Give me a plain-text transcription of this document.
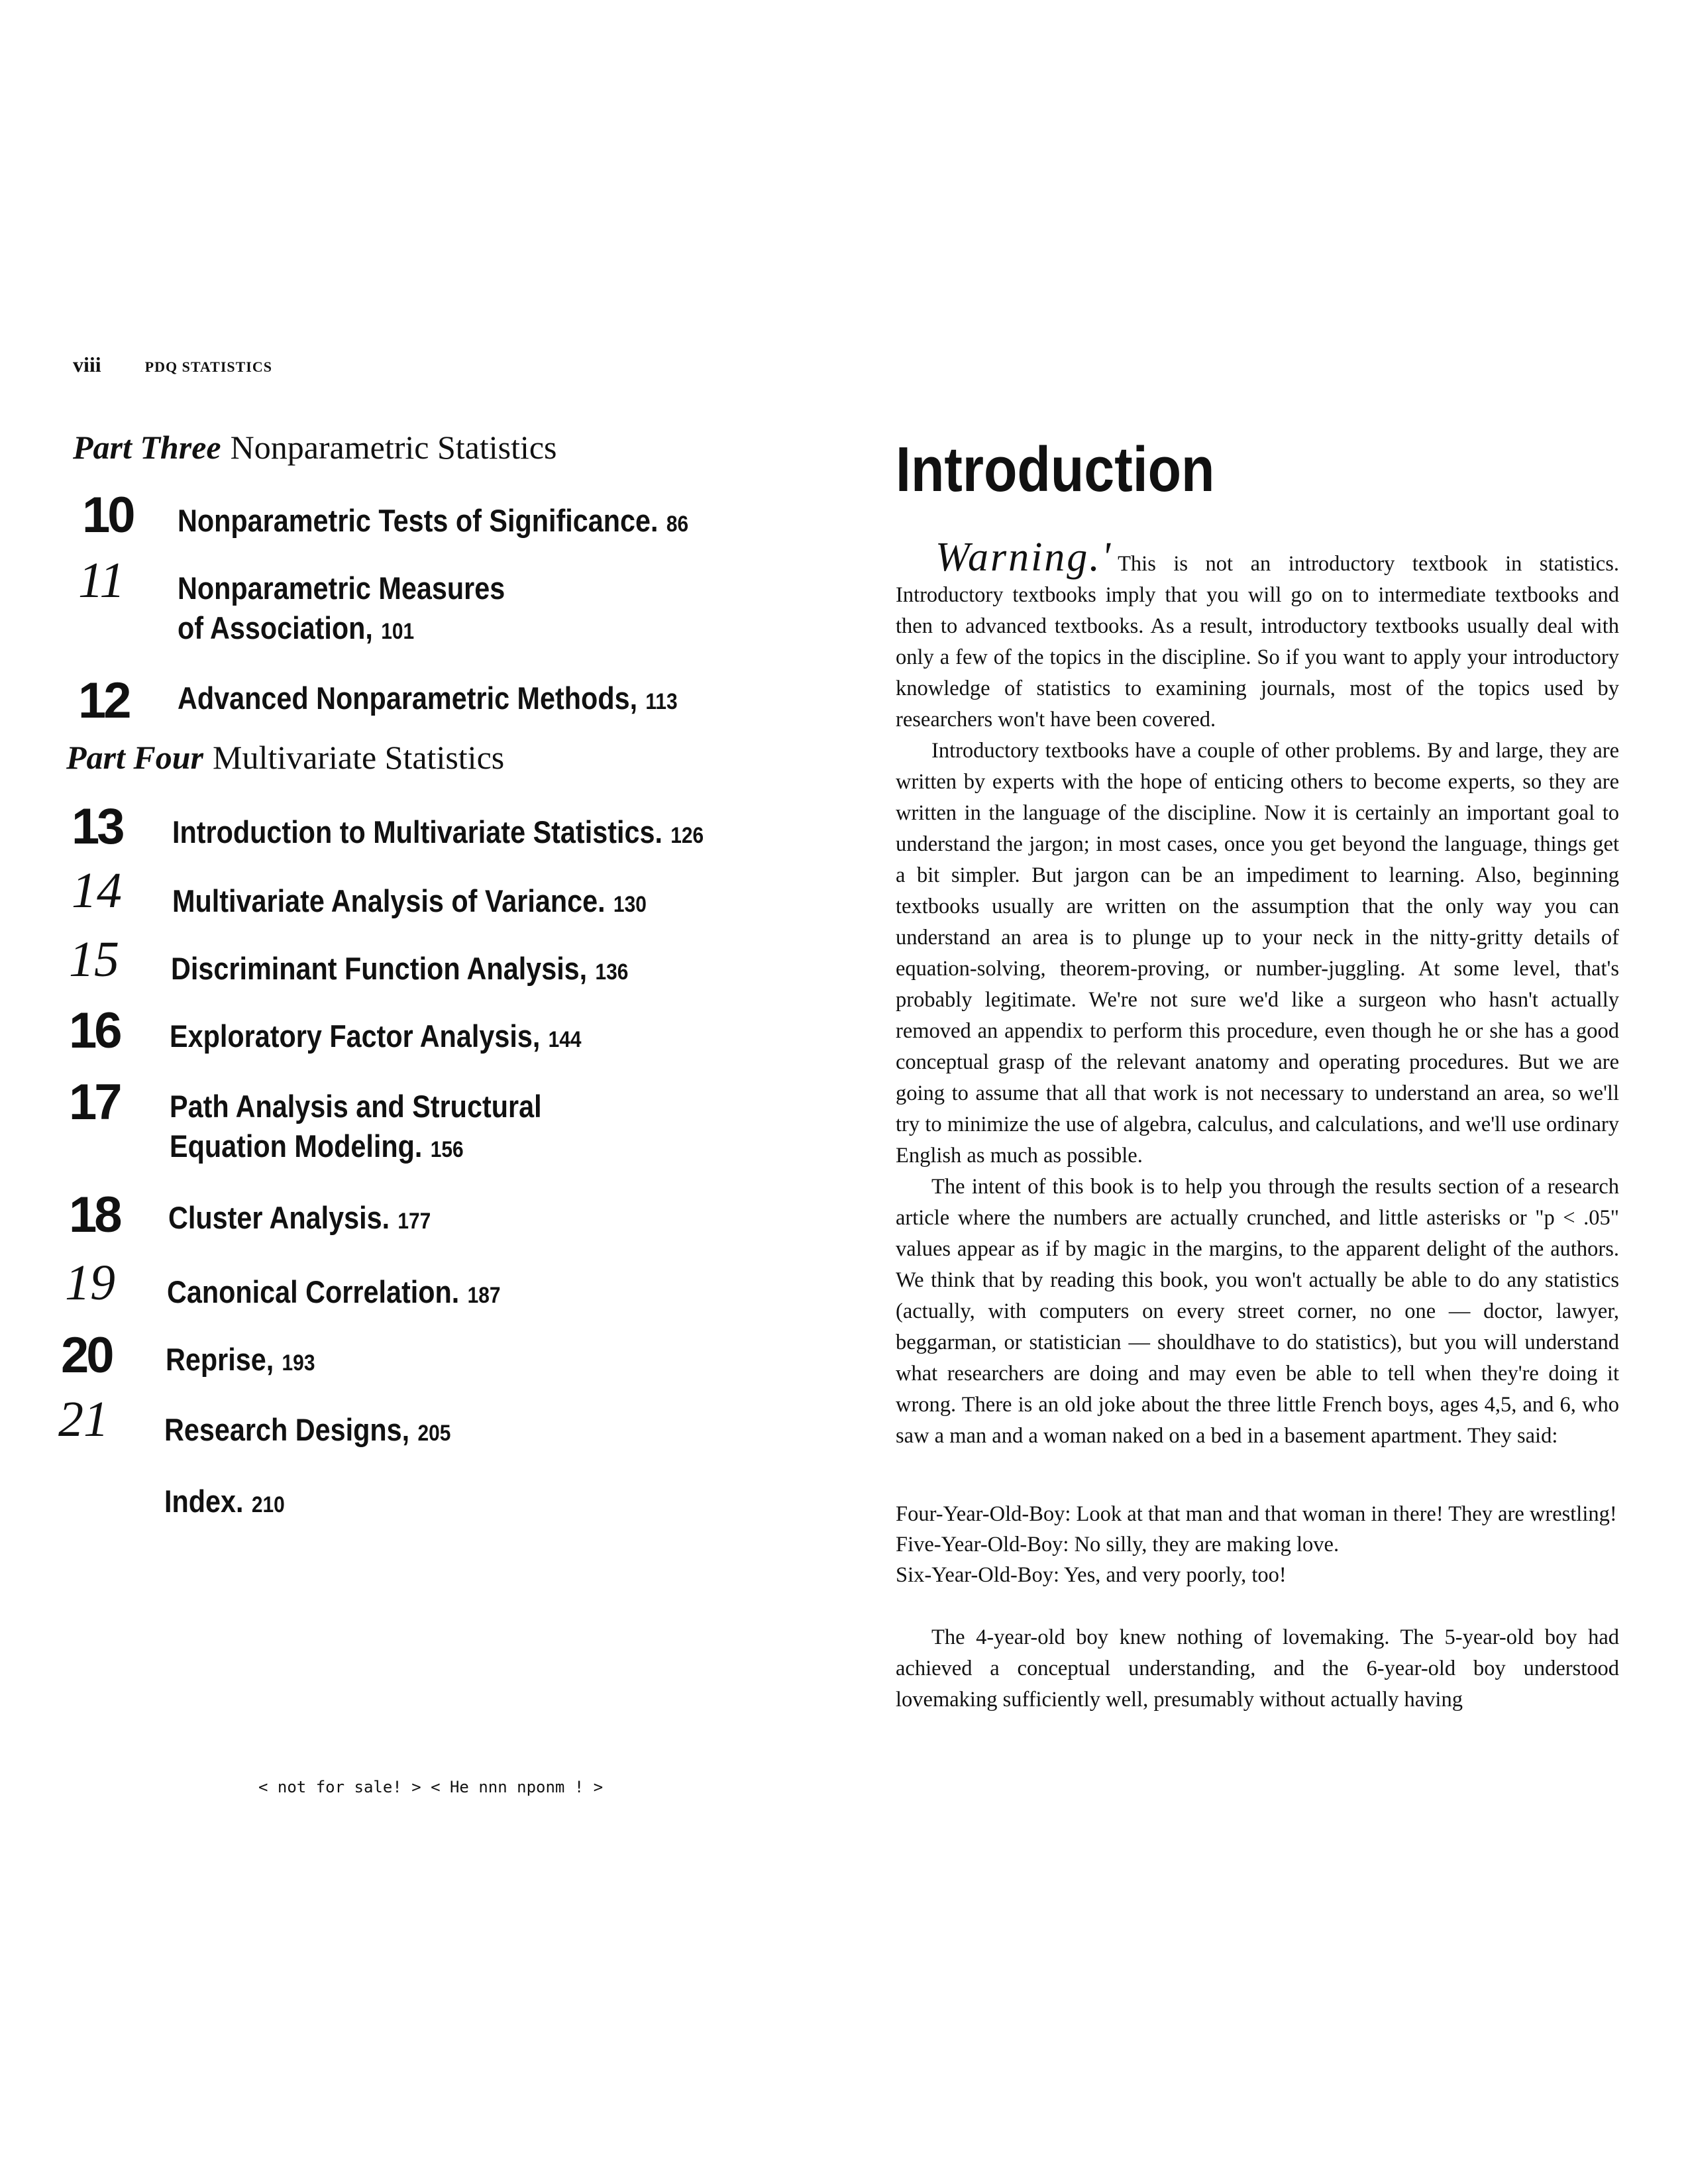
viii	PDQ STATISTICS
Part Three Nonparametric Statistics
10 Nonparametric Tests of Significance. 86
11 Nonparametric Measures
of Association, 101
12 Advanced Nonparametric Methods, 113
Part Four Multivariate Statistics
13 Introduction to Multivariate Statistics. 126
14 Multivariate Analysis of Variance. 130
15 Discriminant Function Analysis, 136
16 Exploratory Factor Analysis, 144
17 Path Analysis and Structural
Equation Modeling. 156
18 Cluster Analysis. 177
19 Canonical Correlation. 187
20 Reprise, 193
21 Research Designs, 205
Index. 210
< not for sale! > < He nnn nponm ! >
Introduction

Warning.' This is not an introductory textbook in statistics. Introductory textbooks imply that you will go on to intermediate textbooks and then to advanced textbooks. As a result, introductory textbooks usually deal with only a few of the topics in the discipline. So if you want to apply your introductory knowledge of statistics to examining journals, most of the topics used by researchers won't have been covered.

Introductory textbooks have a couple of other problems. By and large, they are written by experts with the hope of enticing others to become experts, so they are written in the language of the discipline. Now it is certainly an important goal to understand the jargon; in most cases, once you get beyond the language, things get a bit simpler. But jargon can be an impediment to learning. Also, beginning textbooks usually are written on the assumption that the only way you can understand an area is to plunge up to your neck in the nitty-gritty details of equation-solving, theorem-proving, or number-juggling. At some level, that's probably legitimate. We're not sure we'd like a surgeon who hasn't actually removed an appendix to perform this procedure, even though he or she has a good conceptual grasp of the relevant anatomy and operating procedures. But we are going to assume that all that work is not necessary to understand an area, so we'll try to minimize the use of algebra, calculus, and calculations, and we'll use ordinary English as much as possible.

The intent of this book is to help you through the results section of a research article where the numbers are actually crunched, and little asterisks or "p < .05" values appear as if by magic in the margins, to the apparent delight of the authors. We think that by reading this book, you won't actually be able to do any statistics (actually, with computers on every street corner, no one — doctor, lawyer, beggarman, or statistician — shouldhave to do statistics), but you will understand what researchers are doing and may even be able to tell when they're doing it wrong. There is an old joke about the three little French boys, ages 4,5, and 6, who saw a man and a woman naked on a bed in a basement apartment. They said:

Four-Year-Old-Boy: Look at that man and that woman in there! They are wrestling!
Five-Year-Old-Boy: No silly, they are making love.
Six-Year-Old-Boy: Yes, and very poorly, too!

The 4-year-old boy knew nothing of lovemaking. The 5-year-old boy had achieved a conceptual understanding, and the 6-year-old boy understood lovemaking sufficiently well, presumably without actually having
